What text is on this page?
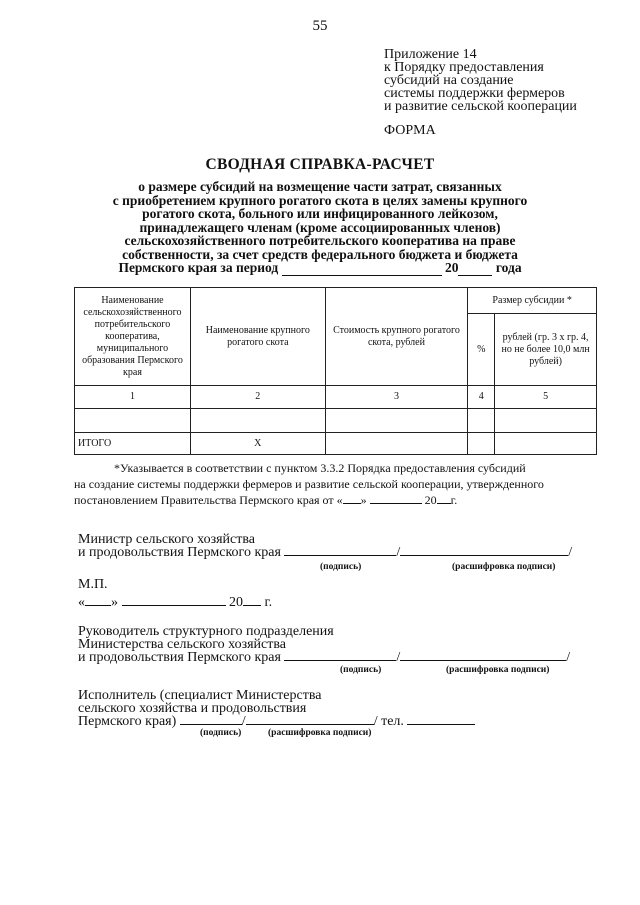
55
Приложение 14
к Порядку предоставления
субсидий на создание
системы поддержки фермеров
и развитие сельской кооперации
ФОРМА
СВОДНАЯ СПРАВКА-РАСЧЕТ
о размере субсидий на возмещение части затрат, связанных
с приобретением крупного рогатого скота в целях замены крупного
рогатого скота, больного или инфицированного лейкозом,
принадлежащего членам (кроме ассоциированных членов)
сельскохозяйственного потребительского кооператива на праве
собственности, за счет средств федерального бюджета и бюджета
Пермского края за период	20	года
Наименование сельскохозяйственного потребительского кооператива, муниципального образования Пермского края	Наименование крупного рогатого скота	Стоимость крупного рогатого скота, рублей	Размер субсидии *	
			%	рублей (гр. 3 х гр. 4, но не более 10,0 млн рублей)
1	2	3	4	5

ИТОГО	Х			
*Указывается в соответствии с пунктом 3.3.2 Порядка предоставления субсидий
на создание системы поддержки фермеров и развитие сельской кооперации, утвержденного
постановлением Правительства Пермского края от « »	20 г.
Министр сельского хозяйства
и продовольствия Пермского края	/	/
(подпись)	(расшифровка подписи)
М.П.
« »	20 г.
Руководитель структурного подразделения
Министерства сельского хозяйства
и продовольствия Пермского края	/	/
(подпись)	(расшифровка подписи)
Исполнитель (специалист Министерства
сельского хозяйства и продовольствия
Пермского края)	/	/ тел.
(подпись)	(расшифровка подписи)
